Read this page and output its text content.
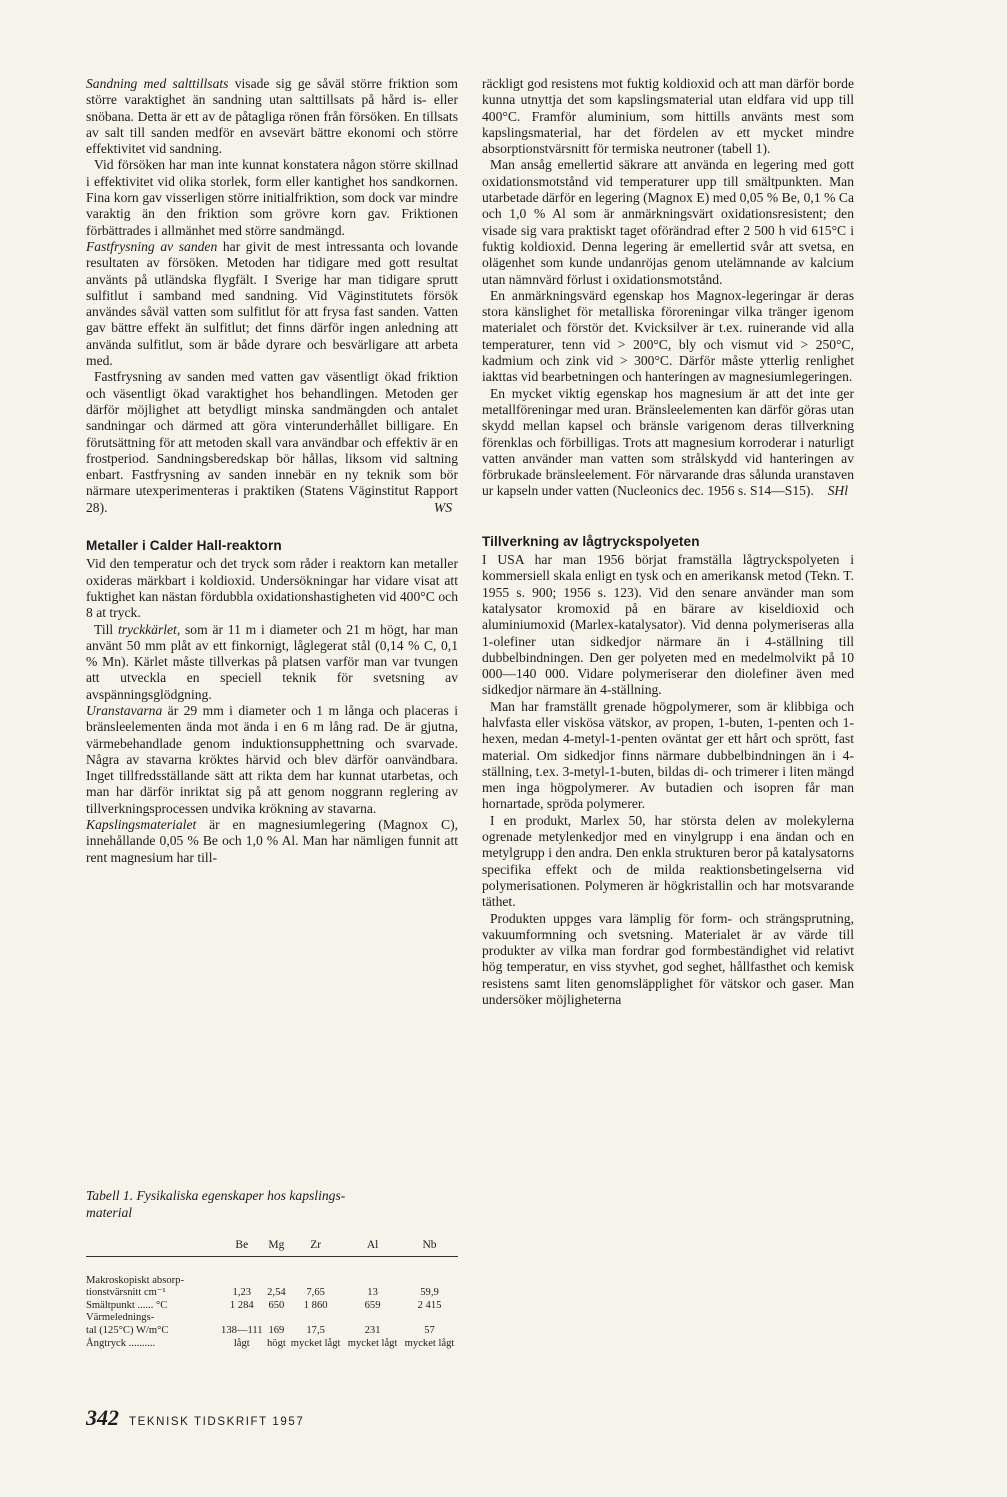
Sandning med salttillsats visade sig ge såväl större friktion som större varaktighet än sandning utan salttillsats på hård is- eller snöbana. Detta är ett av de påtagliga rönen från försöken. En tillsats av salt till sanden medför en avsevärt bättre ekonomi och större effektivitet vid sandning.

Vid försöken har man inte kunnat konstatera någon större skillnad i effektivitet vid olika storlek, form eller kantighet hos sandkornen. Fina korn gav visserligen större initialfriktion, som dock var mindre varaktig än den friktion som grövre korn gav. Friktionen förbättrades i allmänhet med större sandmängd.

Fastfrysning av sanden har givit de mest intressanta och lovande resultaten av försöken. Metoden har tidigare med gott resultat använts på utländska flygfält. I Sverige har man tidigare sprutt sulfitlut i samband med sandning. Vid Väginstitutets försök användes såväl vatten som sulfitlut för att frysa fast sanden. Vatten gav bättre effekt än sulfitlut; det finns därför ingen anledning att använda sulfitlut, som är både dyrare och besvärligare att arbeta med.

Fastfrysning av sanden med vatten gav väsentligt ökad friktion och väsentligt ökad varaktighet hos behandlingen. Metoden ger därför möjlighet att betydligt minska sandmängden och antalet sandningar och därmed att göra vinterunderhållet billigare. En förutsättning för att metoden skall vara användbar och effektiv är en frostperiod. Sandningsberedskap bör hållas, liksom vid saltning enbart. Fastfrysning av sanden innebär en ny teknik som bör närmare utexperimenteras i praktiken (Statens Väginstitut Rapport 28).	WS

Metaller i Calder Hall-reaktorn

Vid den temperatur och det tryck som råder i reaktorn kan metaller oxideras märkbart i koldioxid. Undersökningar har vidare visat att fuktighet kan nästan fördubbla oxidationshastigheten vid 400°C och 8 at tryck.

Till tryckkärlet, som är 11 m i diameter och 21 m högt, har man använt 50 mm plåt av ett finkornigt, låglegerat stål (0,14 % C, 0,1 % Mn). Kärlet måste tillverkas på platsen varför man var tvungen att utveckla en speciell teknik för svetsning av avspänningsglödgning.

Uranstavarna är 29 mm i diameter och 1 m långa och placeras i bränsleelementen ända mot ända i en 6 m lång rad. De är gjutna, värmebehandlade genom induktionsupphettning och svarvade. Några av stavarna kröktes härvid och blev därför oanvändbara. Inget tillfredsställande sätt att rikta dem har kunnat utarbetas, och man har därför inriktat sig på att genom noggrann reglering av tillverkningsprocessen undvika krökning av stavarna.

Kapslingsmaterialet är en magnesiumlegering (Magnox C), innehållande 0,05 % Be och 1,0 % Al. Man har nämligen funnit att rent magnesium har till-

Tabell 1. Fysikaliska egenskaper hos kapslings-
material
	Be	Mg	Zr	Al	Nb

Makroskopiskt absorp-
tionstvärsnitt cm⁻¹	1,23	2,54	7,65	13	59,9

Smältpunkt ...... °C	1 284	650	1 860	659	2 415

Värmelednings-
tal (125°C) W/m°C	138—111	169	17,5	231	57

Ångtryck ..........	lågt	högt	mycket lågt	mycket lågt	mycket lågt

räckligt god resistens mot fuktig koldioxid och att man därför borde kunna utnyttja det som kapslingsmaterial utan eldfara vid upp till 400°C. Framför aluminium, som hittills använts mest som kapslingsmaterial, har det fördelen av ett mycket mindre absorptionstvärsnitt för termiska neutroner (tabell 1).

Man ansåg emellertid säkrare att använda en legering med gott oxidationsmotstånd vid temperaturer upp till smältpunkten. Man utarbetade därför en legering (Magnox E) med 0,05 % Be, 0,1 % Ca och 1,0 % Al som är anmärkningsvärt oxidationsresistent; den visade sig vara praktiskt taget oförändrad efter 2 500 h vid 615°C i fuktig koldioxid. Denna legering är emellertid svår att svetsa, en olägenhet som kunde undanröjas genom utelämnande av kalcium utan nämnvärd förlust i oxidationsmotstånd.

En anmärkningsvärd egenskap hos Magnox-legeringar är deras stora känslighet för metalliska föroreningar vilka tränger igenom materialet och förstör det. Kvicksilver är t.ex. ruinerande vid alla temperaturer, tenn vid > 200°C, bly och vismut vid > 250°C, kadmium och zink vid > 300°C. Därför måste ytterlig renlighet iakttas vid bearbetningen och hanteringen av magnesiumlegeringen.

En mycket viktig egenskap hos magnesium är att det inte ger metallföreningar med uran. Bränsleelementen kan därför göras utan skydd mellan kapsel och bränsle varigenom deras tillverkning förenklas och förbilligas. Trots att magnesium korroderar i naturligt vatten använder man vatten som strålskydd vid hanteringen av förbrukade bränsleelement. För närvarande dras sålunda uranstaven ur kapseln under vatten (Nucleonics dec. 1956 s. S14—S15).	SHl

Tillverkning av lågtryckspolyeten

I USA har man 1956 börjat framställa lågtryckspolyeten i kommersiell skala enligt en tysk och en amerikansk metod (Tekn. T. 1955 s. 900; 1956 s. 123). Vid den senare använder man som katalysator kromoxid på en bärare av kiseldioxid och aluminiumoxid (Marlex-katalysator). Vid denna polymeriseras alla 1-olefiner utan sidkedjor närmare än i 4-ställning till dubbelbindningen. Den ger polyeten med en medelmolvikt på 10 000—140 000. Vidare polymeriserar den diolefiner även med sidkedjor närmare än 4-ställning.

Man har framställt grenade högpolymerer, som är klibbiga och halvfasta eller viskösa vätskor, av propen, 1-buten, 1-penten och 1-hexen, medan 4-metyl-1-penten oväntat ger ett hårt och sprött, fast material. Om sidkedjor finns närmare dubbelbindningen än i 4-ställning, t.ex. 3-metyl-1-buten, bildas di- och trimerer i liten mängd men inga högpolymerer. Av butadien och isopren får man hornartade, spröda polymerer.

I en produkt, Marlex 50, har största delen av molekylerna ogrenade metylenkedjor med en vinylgrupp i ena ändan och en metylgrupp i den andra. Den enkla strukturen beror på katalysatorns specifika effekt och de milda reaktionsbetingelserna vid polymerisationen. Polymeren är högkristallin och har motsvarande täthet.

Produkten uppges vara lämplig för form- och strängsprutning, vakuumformning och svetsning. Materialet är av värde till produkter av vilka man fordrar god formbeständighet vid relativt hög temperatur, en viss styvhet, god seghet, hållfasthet och kemisk resistens samt liten genomsläpplighet för vätskor och gaser. Man undersöker möjligheterna

342 TEKNISK TIDSKRIFT 1957
